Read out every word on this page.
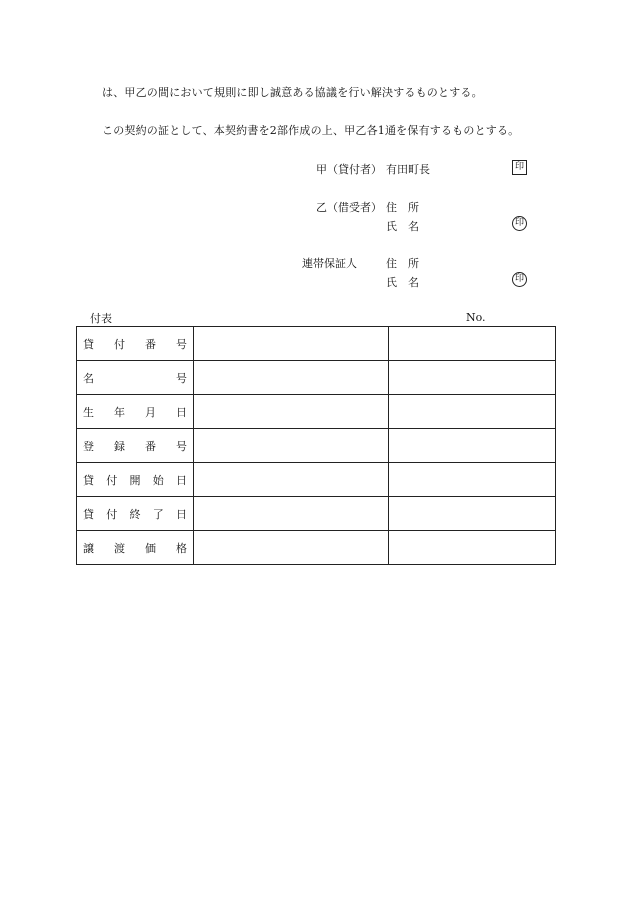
は、甲乙の間において規則に即し誠意ある協議を行い解決するものとする。
この契約の証として、本契約書を2部作成の上、甲乙各1通を保有するものとする。
甲（貸付者） 有田町長	印
乙（借受者） 住　所
氏　名	印
連帯保証人	住　所
氏　名	印
付表	No.
貸 付 番 号		

名 号		

生 年 月 日		

登 録 番 号		

貸 付 開 始 日		

貸 付 終 了 日		

譲 渡 価 格		
